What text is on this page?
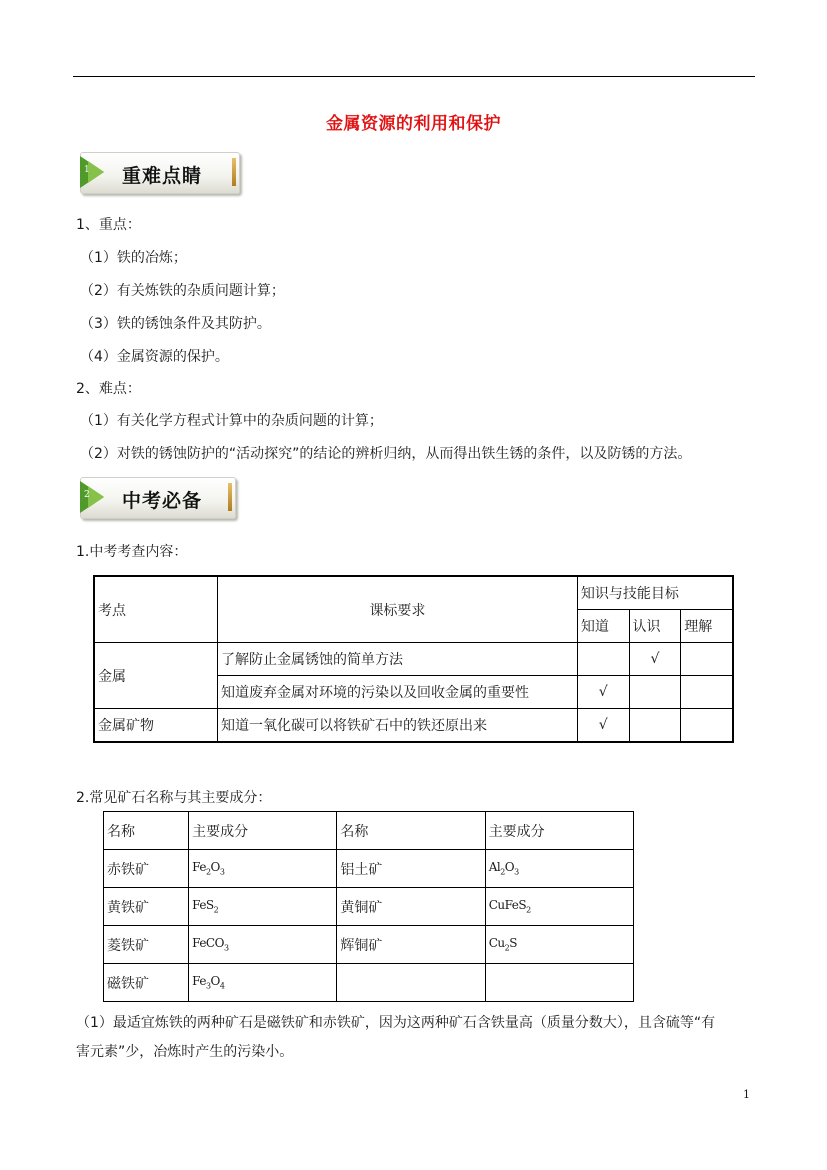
金属资源的利用和保护
1 重难点睛
1、重点：
（1）铁的冶炼；
（2）有关炼铁的杂质问题计算；
（3）铁的锈蚀条件及其防护。
（4）金属资源的保护。
2、难点：
（1）有关化学方程式计算中的杂质问题的计算；
（2）对铁的锈蚀防护的“活动探究”的结论的辨析归纳，从而得出铁生锈的条件，以及防锈的方法。
2 中考必备
1.中考考查内容：
考点	课标要求	知识与技能目标		
		知道	认识	理解
金属	了解防止金属锈蚀的简单方法		√	
	知道废弃金属对环境的污染以及回收金属的重要性	√		
金属矿物	知道一氧化碳可以将铁矿石中的铁还原出来	√		
2.常见矿石名称与其主要成分：
名称	主要成分	名称	主要成分
赤铁矿	$Fe_2O_3$	铝土矿	$Al_2O_3$
黄铁矿	FeS$_2$	黄铜矿	CuFeS$_2$
菱铁矿	FeCO$_3$	辉铜矿	$Cu_2S$
磁铁矿	$Fe_3O_4$		
（1）最适宜炼铁的两种矿石是磁铁矿和赤铁矿，因为这两种矿石含铁量高（质量分数大），且含硫等“有
害元素”少，冶炼时产生的污染小。
1
